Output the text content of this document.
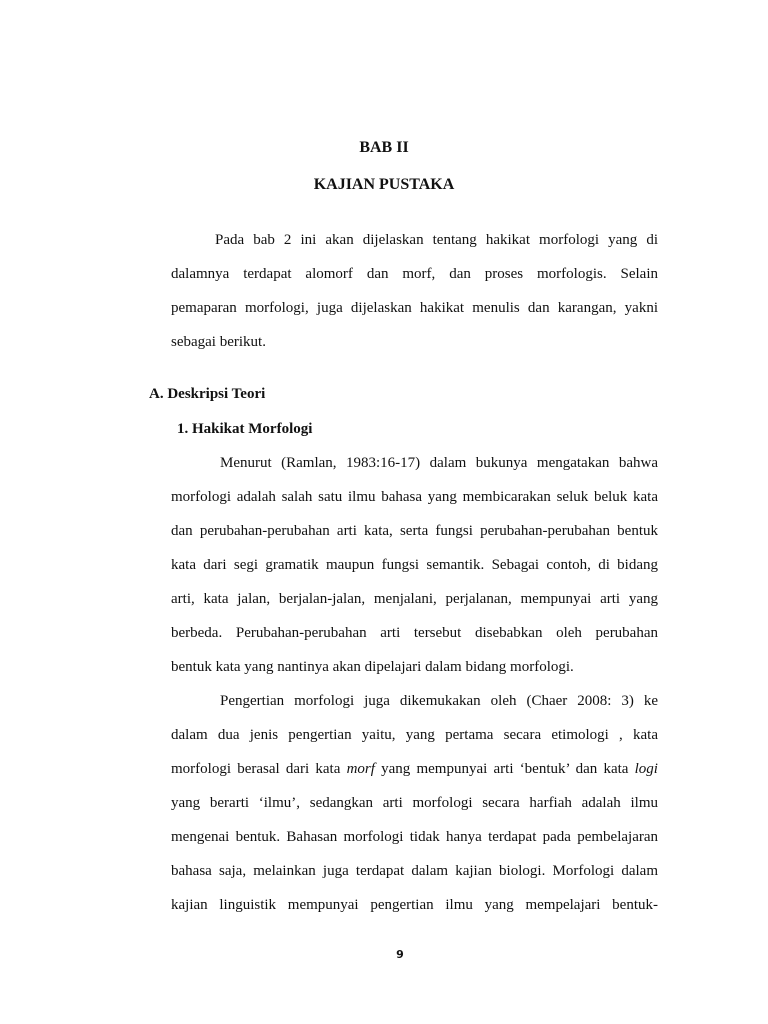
BAB II
KAJIAN PUSTAKA
Pada bab 2 ini akan dijelaskan tentang hakikat morfologi yang di
dalamnya terdapat alomorf dan morf, dan proses morfologis. Selain
pemaparan morfologi, juga dijelaskan hakikat menulis dan karangan, yakni
sebagai berikut.
A. Deskripsi Teori
1. Hakikat Morfologi
Menurut (Ramlan, 1983:16-17) dalam bukunya mengatakan bahwa
morfologi adalah salah satu ilmu bahasa yang membicarakan seluk beluk kata
dan perubahan-perubahan arti kata, serta fungsi perubahan-perubahan bentuk
kata dari segi gramatik maupun fungsi semantik. Sebagai contoh, di bidang
arti, kata jalan, berjalan-jalan, menjalani, perjalanan, mempunyai arti yang
berbeda. Perubahan-perubahan arti tersebut disebabkan oleh perubahan
bentuk kata yang nantinya akan dipelajari dalam bidang morfologi.
Pengertian morfologi juga dikemukakan oleh (Chaer 2008: 3) ke
dalam dua jenis pengertian yaitu, yang pertama secara etimologi , kata
morfologi berasal dari kata morf yang mempunyai arti ‘bentuk’ dan kata logi
yang berarti ‘ilmu’, sedangkan arti morfologi secara harfiah adalah ilmu
mengenai bentuk. Bahasan morfologi tidak hanya terdapat pada pembelajaran
bahasa saja, melainkan juga terdapat dalam kajian biologi. Morfologi dalam
kajian linguistik mempunyai pengertian ilmu yang mempelajari bentuk-
9
